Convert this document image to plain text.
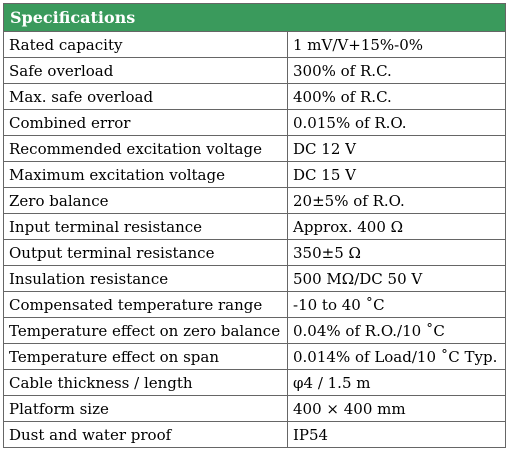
Specifications	
Rated capacity	1 mV/V+15%-0%
Safe overload	300% of R.C.
Max. safe overload	400% of R.C.
Combined error	0.015% of R.O.
Recommended excitation voltage	DC 12 V
Maximum excitation voltage	DC 15 V
Zero balance	20±5% of R.O.
Input terminal resistance	Approx. 400 Ω
Output terminal resistance	350±5 Ω
Insulation resistance	500 MΩ/DC 50 V
Compensated temperature range	-10 to 40 ˚C
Temperature effect on zero balance	0.04% of R.O./10 ˚C
Temperature effect on span	0.014% of Load/10 ˚C Typ.
Cable thickness / length	φ4 / 1.5 m
Platform size	400 × 400 mm
Dust and water proof	IP54
